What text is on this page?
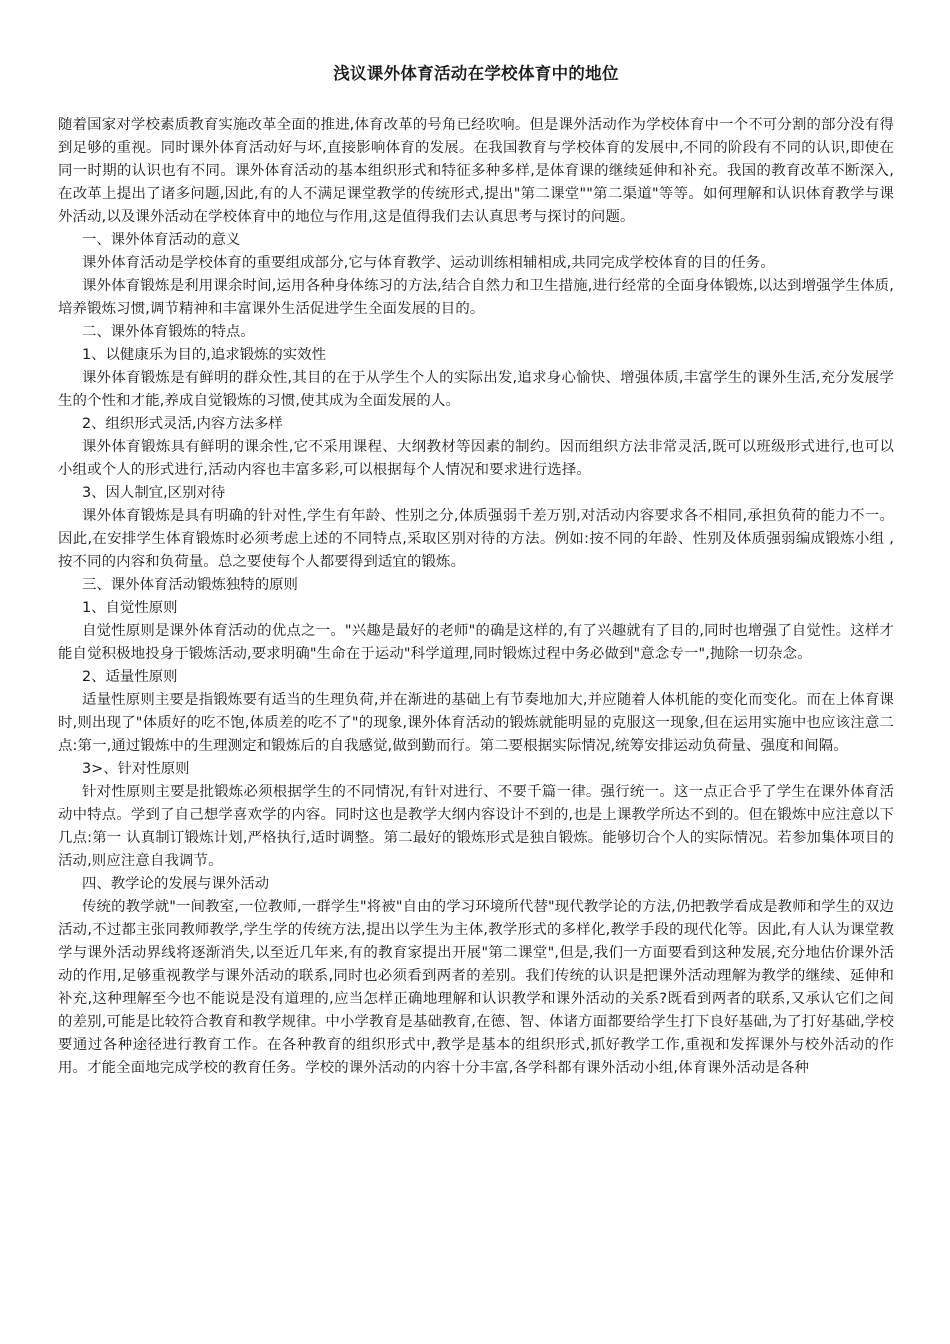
浅议课外体育活动在学校体育中的地位

随着国家对学校素质教育实施改革全面的推进,体育改革的号角已经吹响。但是课外活动作为学校体育中一个不可分割的部分没有得到足够的重视。同时课外体育活动好与坏,直接影响体育的发展。在我国教育与学校体育的发展中,不同的阶段有不同的认识,即使在同一时期的认识也有不同。课外体育活动的基本组织形式和特征多种多样,是体育课的继续延伸和补充。我国的教育改革不断深入,在改革上提出了诸多问题,因此,有的人不满足课堂教学的传统形式,提出"第二课堂""第二渠道"等等。如何理解和认识体育教学与课外活动,以及课外活动在学校体育中的地位与作用,这是值得我们去认真思考与探讨的问题。

一、课外体育活动的意义

课外体育活动是学校体育的重要组成部分,它与体育教学、运动训练相辅相成,共同完成学校体育的目的任务。

课外体育锻炼是利用课余时间,运用各种身体练习的方法,结合自然力和卫生措施,进行经常的全面身体锻炼,以达到增强学生体质,培养锻炼习惯,调节精神和丰富课外生活促进学生全面发展的目的。

二、课外体育锻炼的特点。

1、以健康乐为目的,追求锻炼的实效性

课外体育锻炼是有鲜明的群众性,其目的在于从学生个人的实际出发,追求身心愉快、增强体质,丰富学生的课外生活,充分发展学生的个性和才能,养成自觉锻炼的习惯,使其成为全面发展的人。

2、组织形式灵活,内容方法多样

课外体育锻炼具有鲜明的课余性,它不采用课程、大纲教材等因素的制约。因而组织方法非常灵活,既可以班级形式进行,也可以小组或个人的形式进行,活动内容也丰富多彩,可以根据每个人情况和要求进行选择。

3、因人制宜,区别对待

课外体育锻炼是具有明确的针对性,学生有年龄、性别之分,体质强弱千差万别,对活动内容要求各不相同,承担负荷的能力不一。因此,在安排学生体育锻炼时必须考虑上述的不同特点,采取区别对待的方法。例如:按不同的年龄、性别及体质强弱编成锻炼小组 ,按不同的内容和负荷量。总之要使每个人都要得到适宜的锻炼。

三、课外体育活动锻炼独特的原则

1、自觉性原则

自觉性原则是课外体育活动的优点之一。"兴趣是最好的老师"的确是这样的,有了兴趣就有了目的,同时也增强了自觉性。这样才能自觉积极地投身于锻炼活动,要求明确"生命在于运动"科学道理,同时锻炼过程中务必做到"意念专一",抛除一切杂念。

2、适量性原则

适量性原则主要是指锻炼要有适当的生理负荷,并在渐进的基础上有节奏地加大,并应随着人体机能的变化而变化。而在上体育课时,则出现了"体质好的吃不饱,体质差的吃不了"的现象,课外体育活动的锻炼就能明显的克服这一现象,但在运用实施中也应该注意二点:第一,通过锻炼中的生理测定和锻炼后的自我感觉,做到勤而行。第二要根据实际情况,统筹安排运动负荷量、强度和间隔。

3>、针对性原则

针对性原则主要是批锻炼必须根据学生的不同情况,有针对进行、不要千篇一律。强行统一。这一点正合乎了学生在课外体育活动中特点。学到了自己想学喜欢学的内容。同时这也是教学大纲内容设计不到的,也是上课教学所达不到的。但在锻炼中应注意以下几点:第一 认真制订锻炼计划,严格执行,适时调整。第二最好的锻炼形式是独自锻炼。能够切合个人的实际情况。若参加集体项目的活动,则应注意自我调节。

四、教学论的发展与课外活动

传统的教学就"一间教室,一位教师,一群学生"将被"自由的学习环境所代替"现代教学论的方法,仍把教学看成是教师和学生的双边活动,不过都主张同教师教学,学生学的传统方法,提出以学生为主体,教学形式的多样化,教学手段的现代化等。因此,有人认为课堂教学与课外活动界线将逐渐消失,以至近几年来,有的教育家提出开展"第二课堂",但是,我们一方面要看到这种发展,充分地估价课外活动的作用,足够重视教学与课外活动的联系,同时也必须看到两者的差别。我们传统的认识是把课外活动理解为教学的继续、延伸和补充,这种理解至今也不能说是没有道理的,应当怎样正确地理解和认识教学和课外活动的关系?既看到两者的联系,又承认它们之间的差别,可能是比较符合教育和教学规律。中小学教育是基础教育,在德、智、体诸方面都要给学生打下良好基础,为了打好基础,学校要通过各种途径进行教育工作。在各种教育的组织形式中,教学是基本的组织形式,抓好教学工作,重视和发挥课外与校外活动的作用。才能全面地完成学校的教育任务。学校的课外活动的内容十分丰富,各学科都有课外活动小组,体育课外活动是各种
